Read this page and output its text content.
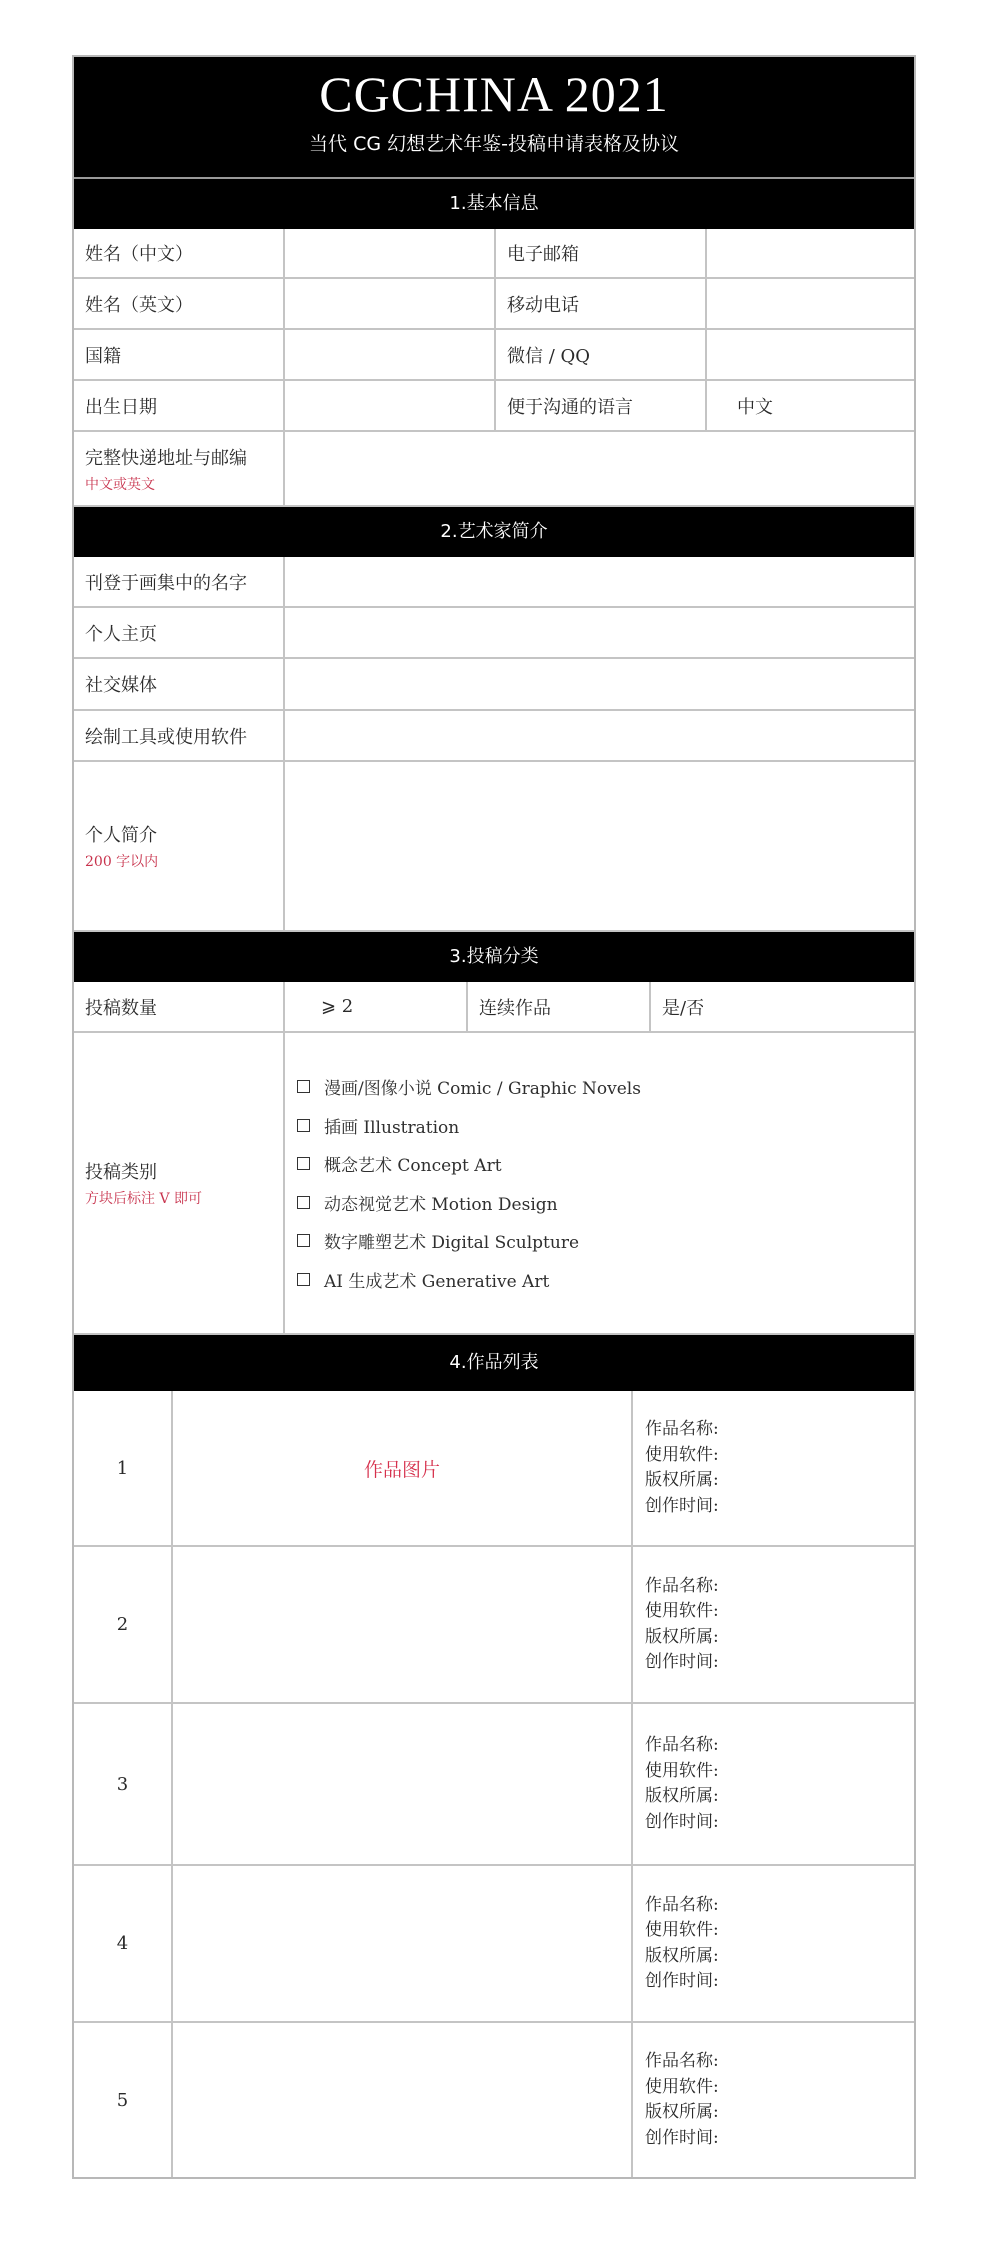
CGCHINA 2021
当代 CG 幻想艺术年鉴-投稿申请表格及协议
1.基本信息
姓名（中文）	电子邮箱
姓名（英文）	移动电话
国籍	微信 / QQ
出生日期	便于沟通的语言	中文
完整快递地址与邮编
中文或英文
2.艺术家简介
刊登于画集中的名字
个人主页
社交媒体
绘制工具或使用软件
个人简介
200 字以内
3.投稿分类
投稿数量	⩾ 2	连续作品	是/否
投稿类别
方块后标注 V 即可
漫画/图像小说 Comic / Graphic Novels
插画 Illustration
概念艺术 Concept Art
动态视觉艺术 Motion Design
数字雕塑艺术 Digital Sculpture
AI 生成艺术 Generative Art
4.作品列表
1	作品图片
作品名称:
使用软件:
版权所属:
创作时间:
2
作品名称:
使用软件:
版权所属:
创作时间:
3
作品名称:
使用软件:
版权所属:
创作时间:
4
作品名称:
使用软件:
版权所属:
创作时间:
5
作品名称:
使用软件:
版权所属:
创作时间:
